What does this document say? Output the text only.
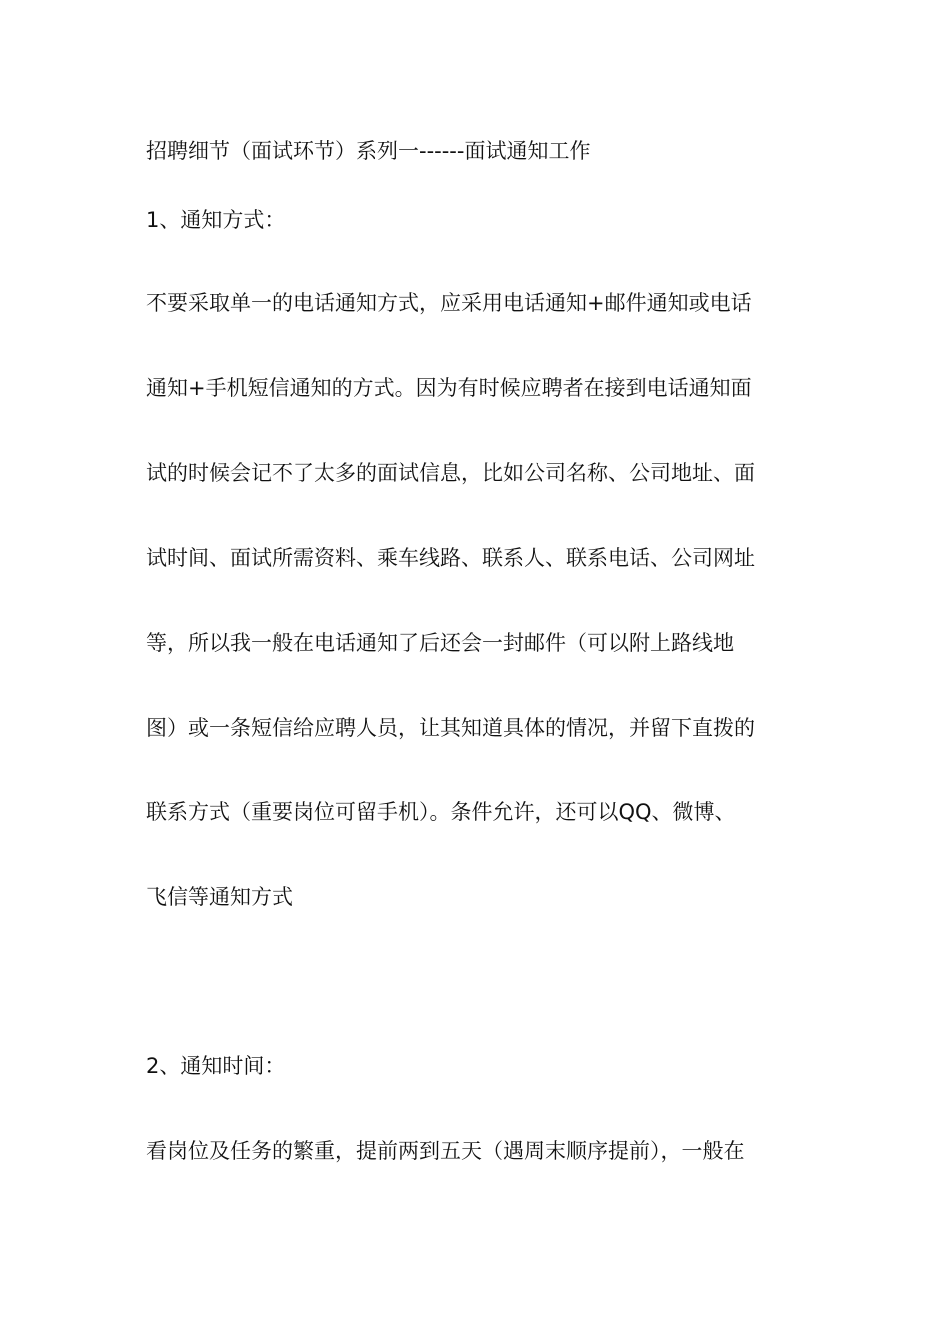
招聘细节（面试环节）系列一------面试通知工作
1、通知方式：

不要采取单一的电话通知方式，应采用电话通知+邮件通知或电话

通知+手机短信通知的方式。因为有时候应聘者在接到电话通知面

试的时候会记不了太多的面试信息，比如公司名称、公司地址、面

试时间、面试所需资料、乘车线路、联系人、联系电话、公司网址

等，所以我一般在电话通知了后还会一封邮件（可以附上路线地

图）或一条短信给应聘人员，让其知道具体的情况，并留下直拨的

联系方式（重要岗位可留手机）。条件允许，还可以QQ、微博、

飞信等通知方式

2、通知时间：

看岗位及任务的繁重，提前两到五天（遇周末顺序提前），一般在
